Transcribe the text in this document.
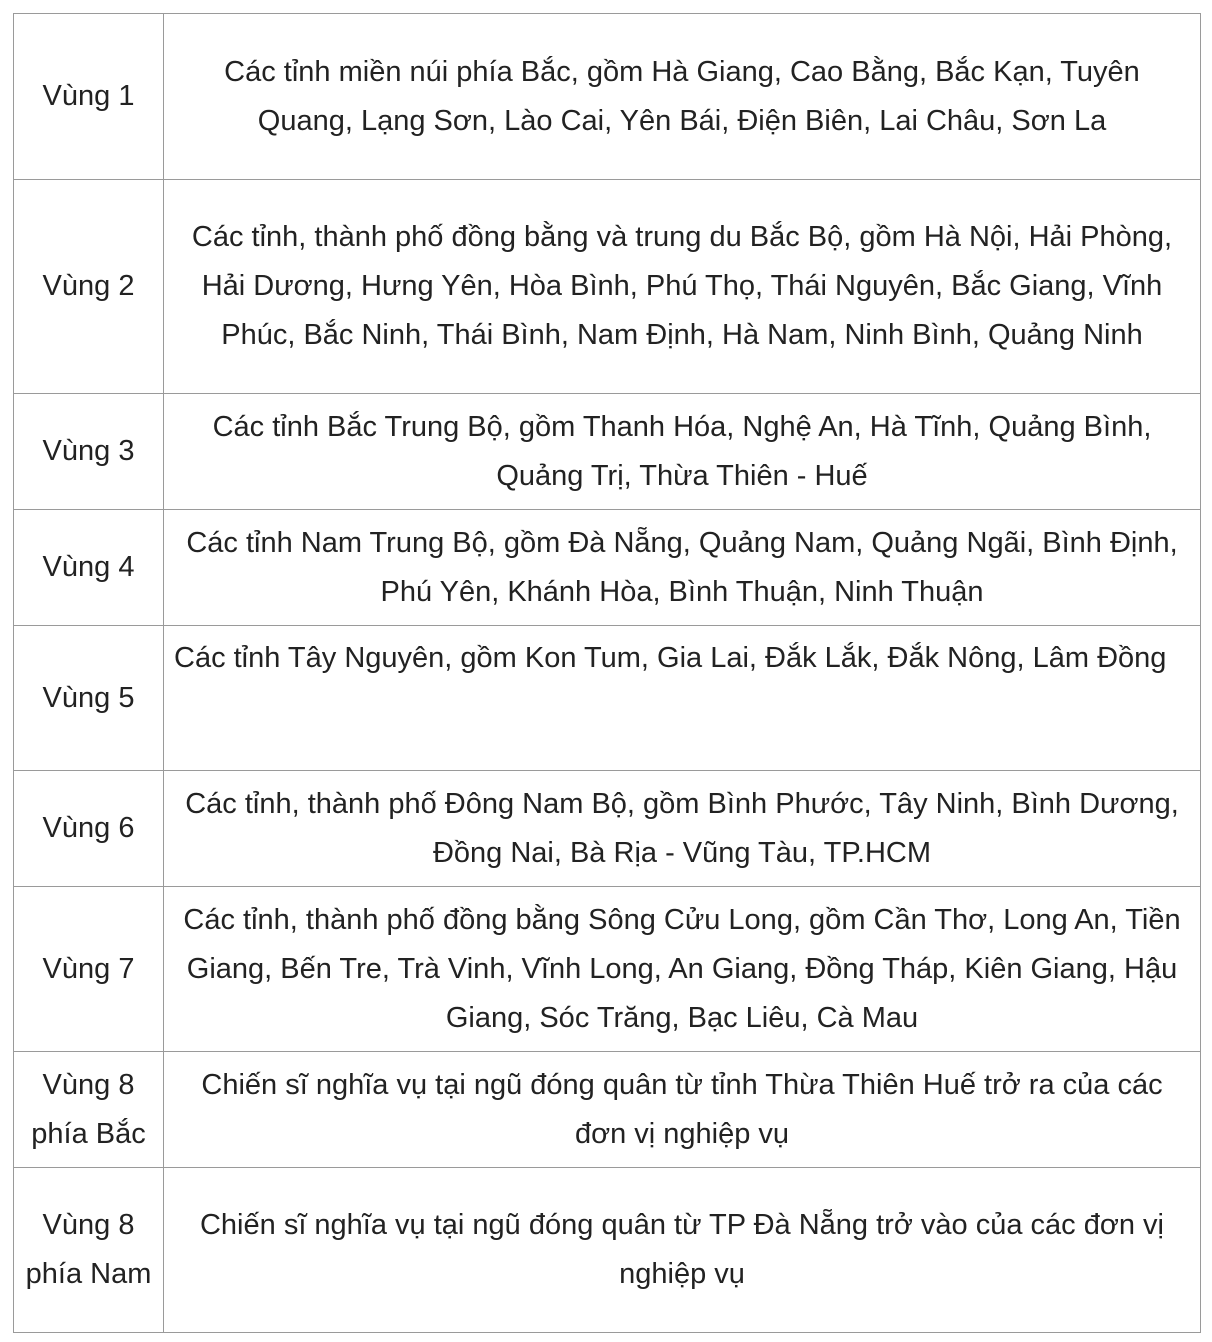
Vùng 1	Các tỉnh miền núi phía Bắc, gồm Hà Giang, Cao Bằng, Bắc Kạn, Tuyên Quang, Lạng Sơn, Lào Cai, Yên Bái, Điện Biên, Lai Châu, Sơn La
Vùng 2	Các tỉnh, thành phố đồng bằng và trung du Bắc Bộ, gồm Hà Nội, Hải Phòng, Hải Dương, Hưng Yên, Hòa Bình, Phú Thọ, Thái Nguyên, Bắc Giang, Vĩnh Phúc, Bắc Ninh, Thái Bình, Nam Định, Hà Nam, Ninh Bình, Quảng Ninh
Vùng 3	Các tỉnh Bắc Trung Bộ, gồm Thanh Hóa, Nghệ An, Hà Tĩnh, Quảng Bình, Quảng Trị, Thừa Thiên - Huế
Vùng 4	Các tỉnh Nam Trung Bộ, gồm Đà Nẵng, Quảng Nam, Quảng Ngãi, Bình Định, Phú Yên, Khánh Hòa, Bình Thuận, Ninh Thuận
Vùng 5	Các tỉnh Tây Nguyên, gồm Kon Tum, Gia Lai, Đắk Lắk, Đắk Nông, Lâm Đồng
Vùng 6	Các tỉnh, thành phố Đông Nam Bộ, gồm Bình Phước, Tây Ninh, Bình Dương, Đồng Nai, Bà Rịa - Vũng Tàu, TP.HCM
Vùng 7	Các tỉnh, thành phố đồng bằng Sông Cửu Long, gồm Cần Thơ, Long An, Tiền Giang, Bến Tre, Trà Vinh, Vĩnh Long, An Giang, Đồng Tháp, Kiên Giang, Hậu Giang, Sóc Trăng, Bạc Liêu, Cà Mau
Vùng 8 phía Bắc	Chiến sĩ nghĩa vụ tại ngũ đóng quân từ tỉnh Thừa Thiên Huế trở ra của các đơn vị nghiệp vụ
Vùng 8 phía Nam	Chiến sĩ nghĩa vụ tại ngũ đóng quân từ TP Đà Nẵng trở vào của các đơn vị nghiệp vụ
